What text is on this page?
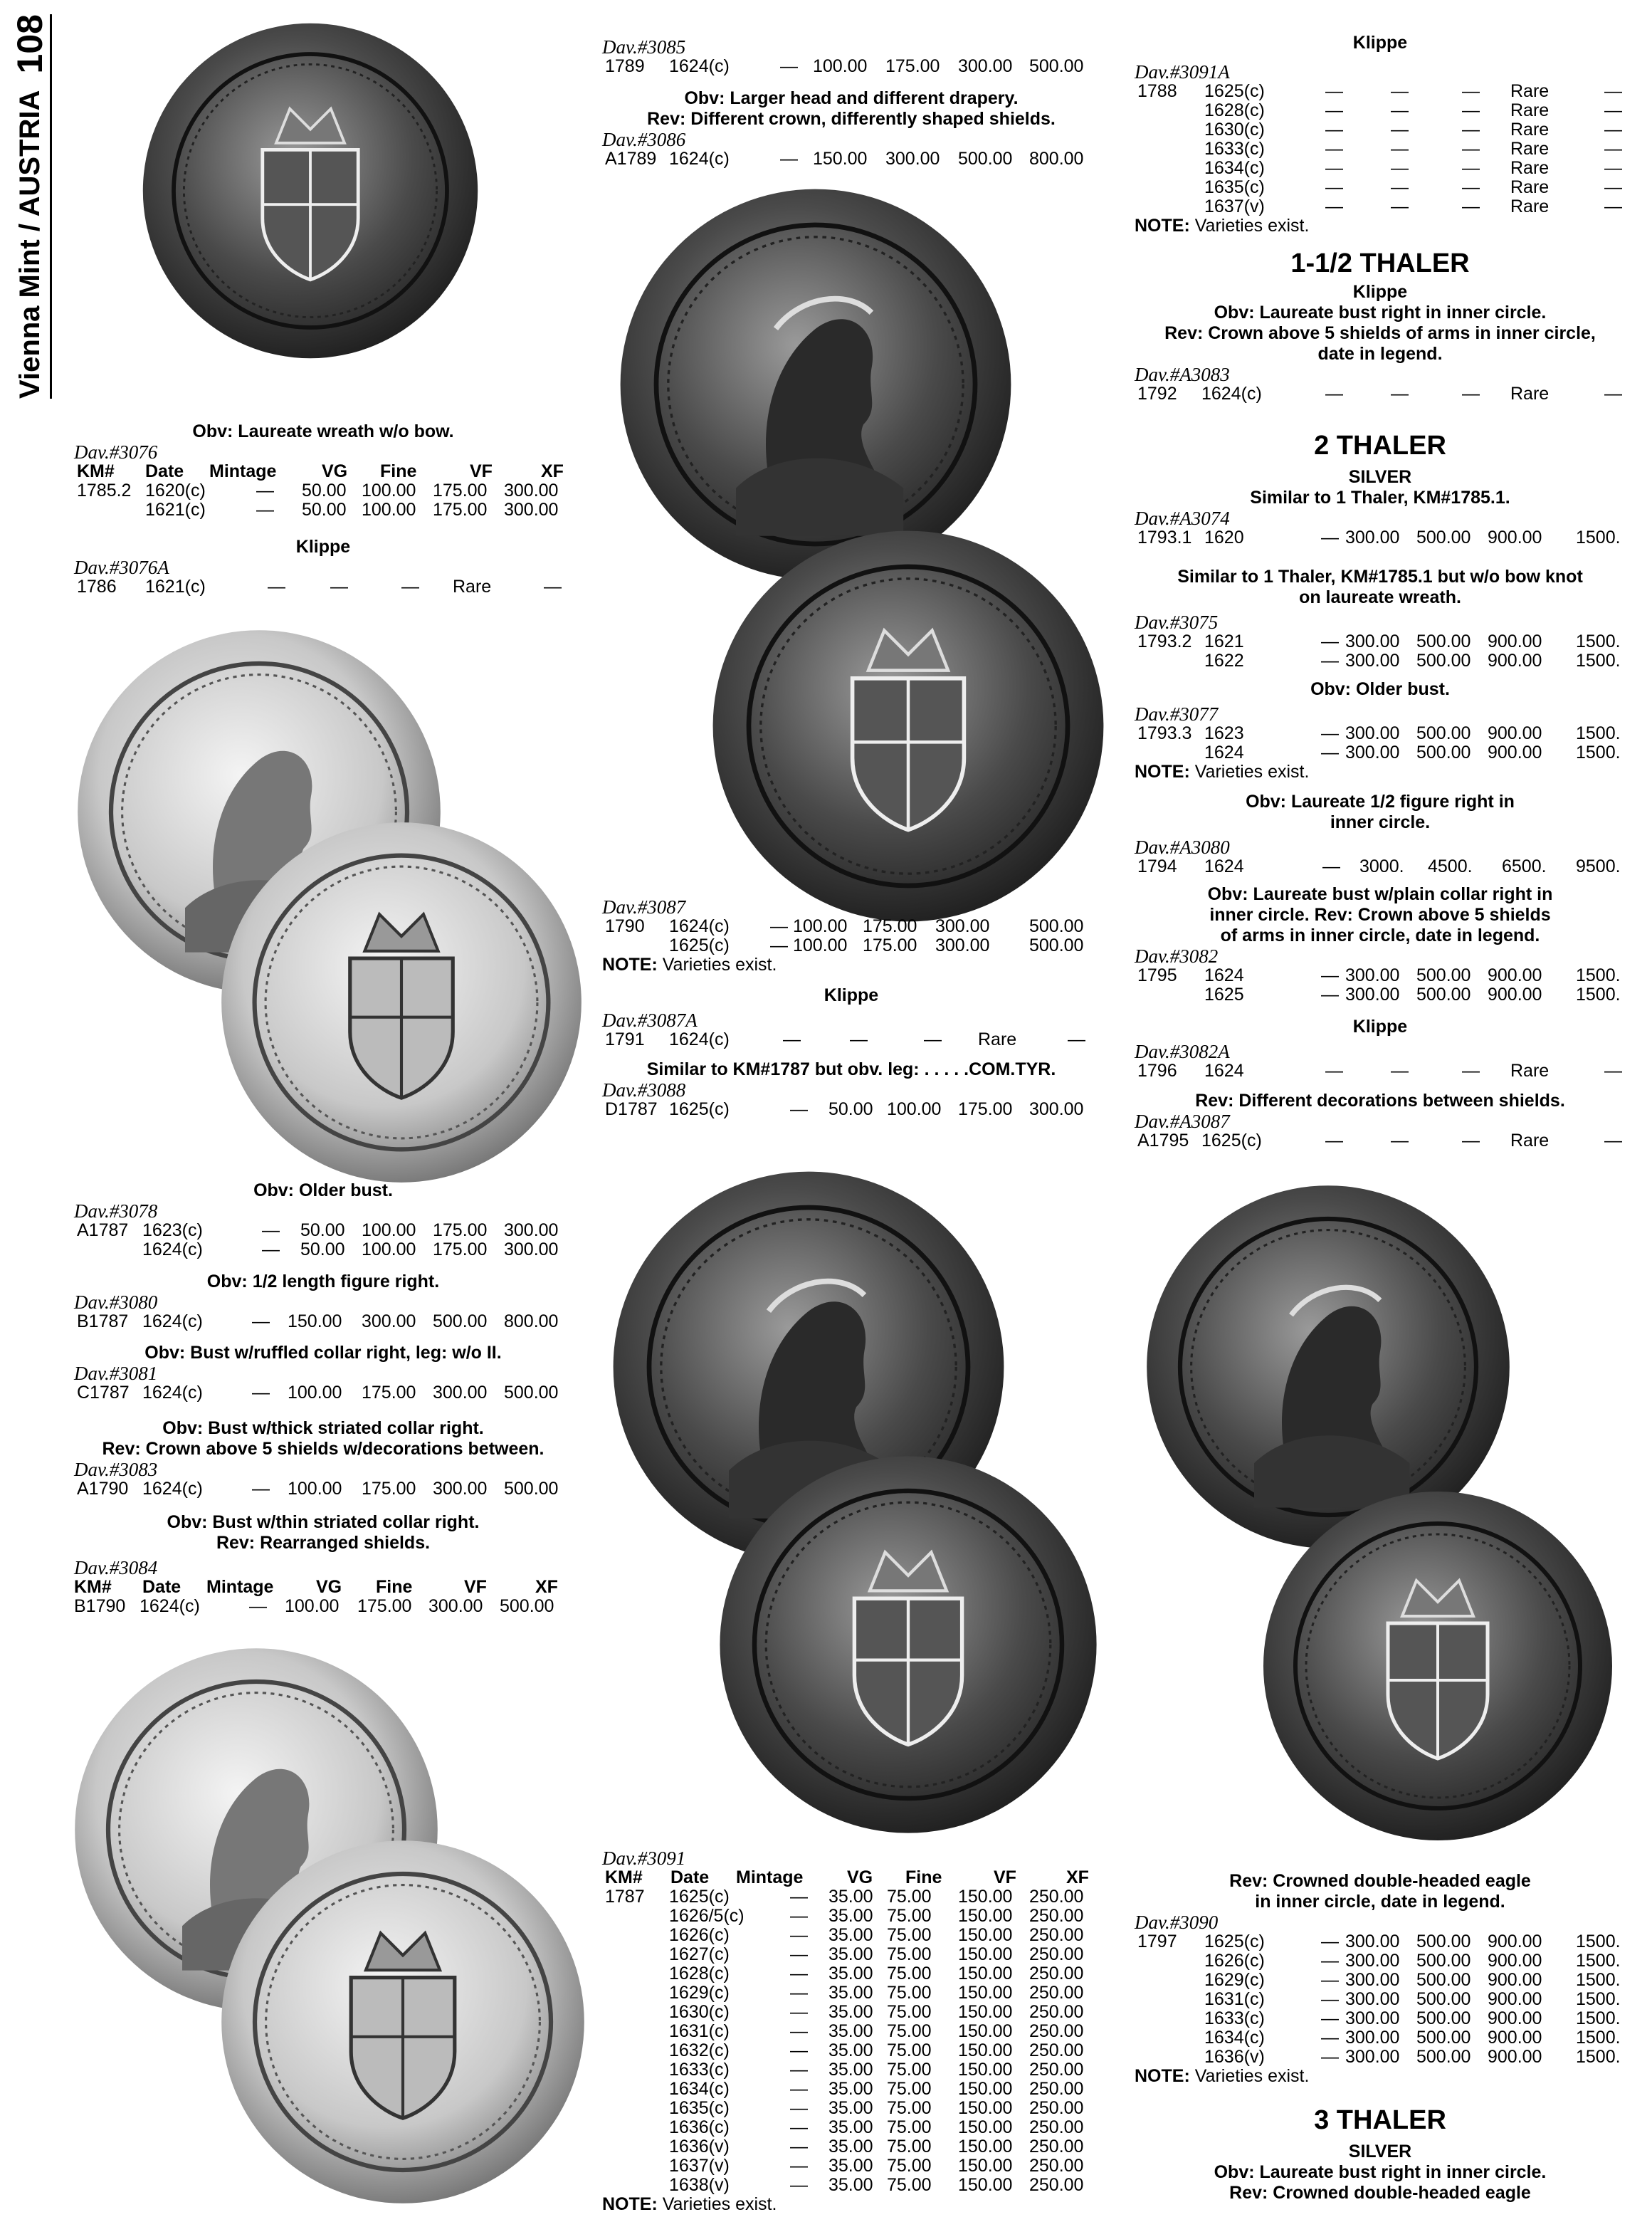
Vienna Mint / AUSTRIA
108
Obv: Laureate wreath w/o bow.
Dav.#3076
KM# Date Mintage	VG Fine	VF	XF
1785.2 1620(c)	— 50.00 100.00 175.00 300.00
1621(c)	— 50.00 100.00 175.00 300.00
Klippe
Dav.#3076A
1786 1621(c)	—	—	— Rare	—
Obv: Older bust.
Dav.#3078
A1787 1623(c)	— 50.00 100.00 175.00 300.00
1624(c)	— 50.00 100.00 175.00 300.00
Obv: 1/2 length figure right.
Dav.#3080
B1787 1624(c)	— 150.00 300.00 500.00 800.00
Obv: Bust w/ruffled collar right, leg: w/o II.
Dav.#3081
C1787 1624(c)	— 100.00 175.00 300.00 500.00
Obv: Bust w/thick striated collar right.
Rev: Crown above 5 shields w/decorations between.
Dav.#3083
A1790 1624(c)	— 100.00 175.00 300.00 500.00
Obv: Bust w/thin striated collar right.
Rev: Rearranged shields.
Dav.#3084
KM# Date Mintage VG Fine	VF	XF
B1790 1624(c)	— 100.00 175.00 300.00 500.00
Dav.#3085
1789 1624(c)	— 100.00 175.00 300.00 500.00
Obv: Larger head and different drapery.
Rev: Different crown, differently shaped shields.
Dav.#3086
A1789 1624(c)	— 150.00 300.00 500.00 800.00
Dav.#3087
1790 1624(c) — 100.00 175.00 300.00 500.00
1625(c) — 100.00 175.00 300.00 500.00
NOTE: Varieties exist.
Klippe
Dav.#3087A
1791 1624(c)	—	—	— Rare	—
Similar to KM#1787 but obv. leg: . . . . .COM.TYR.
Dav.#3088
D1787 1625(c)	— 50.00 100.00 175.00 300.00
Dav.#3091
KM# Date Mintage VG Fine	VF	XF
1787 1625(c)	— 35.00 75.00 150.00 250.00
1626/5(c)	— 35.00 75.00 150.00 250.00
1626(c)	— 35.00 75.00 150.00 250.00
1627(c)	— 35.00 75.00 150.00 250.00
1628(c)	— 35.00 75.00 150.00 250.00
1629(c)	— 35.00 75.00 150.00 250.00
1630(c)	— 35.00 75.00 150.00 250.00
1631(c)	— 35.00 75.00 150.00 250.00
1632(c)	— 35.00 75.00 150.00 250.00
1633(c)	— 35.00 75.00 150.00 250.00
1634(c)	— 35.00 75.00 150.00 250.00
1635(c)	— 35.00 75.00 150.00 250.00
1636(c)	— 35.00 75.00 150.00 250.00
1636(v)	— 35.00 75.00 150.00 250.00
1637(v)	— 35.00 75.00 150.00 250.00
1638(v)	— 35.00 75.00 150.00 250.00
NOTE: Varieties exist.
Klippe
Dav.#3091A
1788 1625(c)	—	—	— Rare	—
1628(c)	—	—	— Rare	—
1630(c)	—	—	— Rare	—
1633(c)	—	—	— Rare	—
1634(c)	—	—	— Rare	—
1635(c)	—	—	— Rare	—
1637(v)	—	—	— Rare	—
NOTE: Varieties exist.
1-1/2 THALER
Klippe
Obv: Laureate bust right in inner circle.
Rev: Crown above 5 shields of arms in inner circle,
date in legend.
Dav.#A3083
1792 1624(c)	—	—	— Rare	—
2 THALER
SILVER
Similar to 1 Thaler, KM#1785.1.
Dav.#A3074
1793.1 1620	— 300.00 500.00 900.00 1500.
Similar to 1 Thaler, KM#1785.1 but w/o bow knot
on laureate wreath.
Dav.#3075
1793.2 1621	— 300.00 500.00 900.00 1500.
1622	— 300.00 500.00 900.00 1500.
Obv: Older bust.
Dav.#3077
1793.3 1623	— 300.00 500.00 900.00 1500.
1624	— 300.00 500.00 900.00 1500.
NOTE: Varieties exist.
Obv: Laureate 1/2 figure right in
inner circle.
Dav.#A3080
1794 1624	— 3000. 4500. 6500. 9500.
Obv: Laureate bust w/plain collar right in
inner circle. Rev: Crown above 5 shields
of arms in inner circle, date in legend.
Dav.#3082
1795 1624	— 300.00 500.00 900.00 1500.
1625	— 300.00 500.00 900.00 1500.
Klippe
Dav.#3082A
1796 1624	—	—	— Rare	—
Rev: Different decorations between shields.
Dav.#A3087
A1795 1625(c)	—	—	— Rare	—
Rev: Crowned double-headed eagle
in inner circle, date in legend.
Dav.#3090
1797 1625(c)	— 300.00 500.00 900.00 1500.
1626(c)	— 300.00 500.00 900.00 1500.
1629(c)	— 300.00 500.00 900.00 1500.
1631(c)	— 300.00 500.00 900.00 1500.
1633(c)	— 300.00 500.00 900.00 1500.
1634(c)	— 300.00 500.00 900.00 1500.
1636(v)	— 300.00 500.00 900.00 1500.
NOTE: Varieties exist.
3 THALER
SILVER
Obv: Laureate bust right in inner circle.
Rev: Crowned double-headed eagle
